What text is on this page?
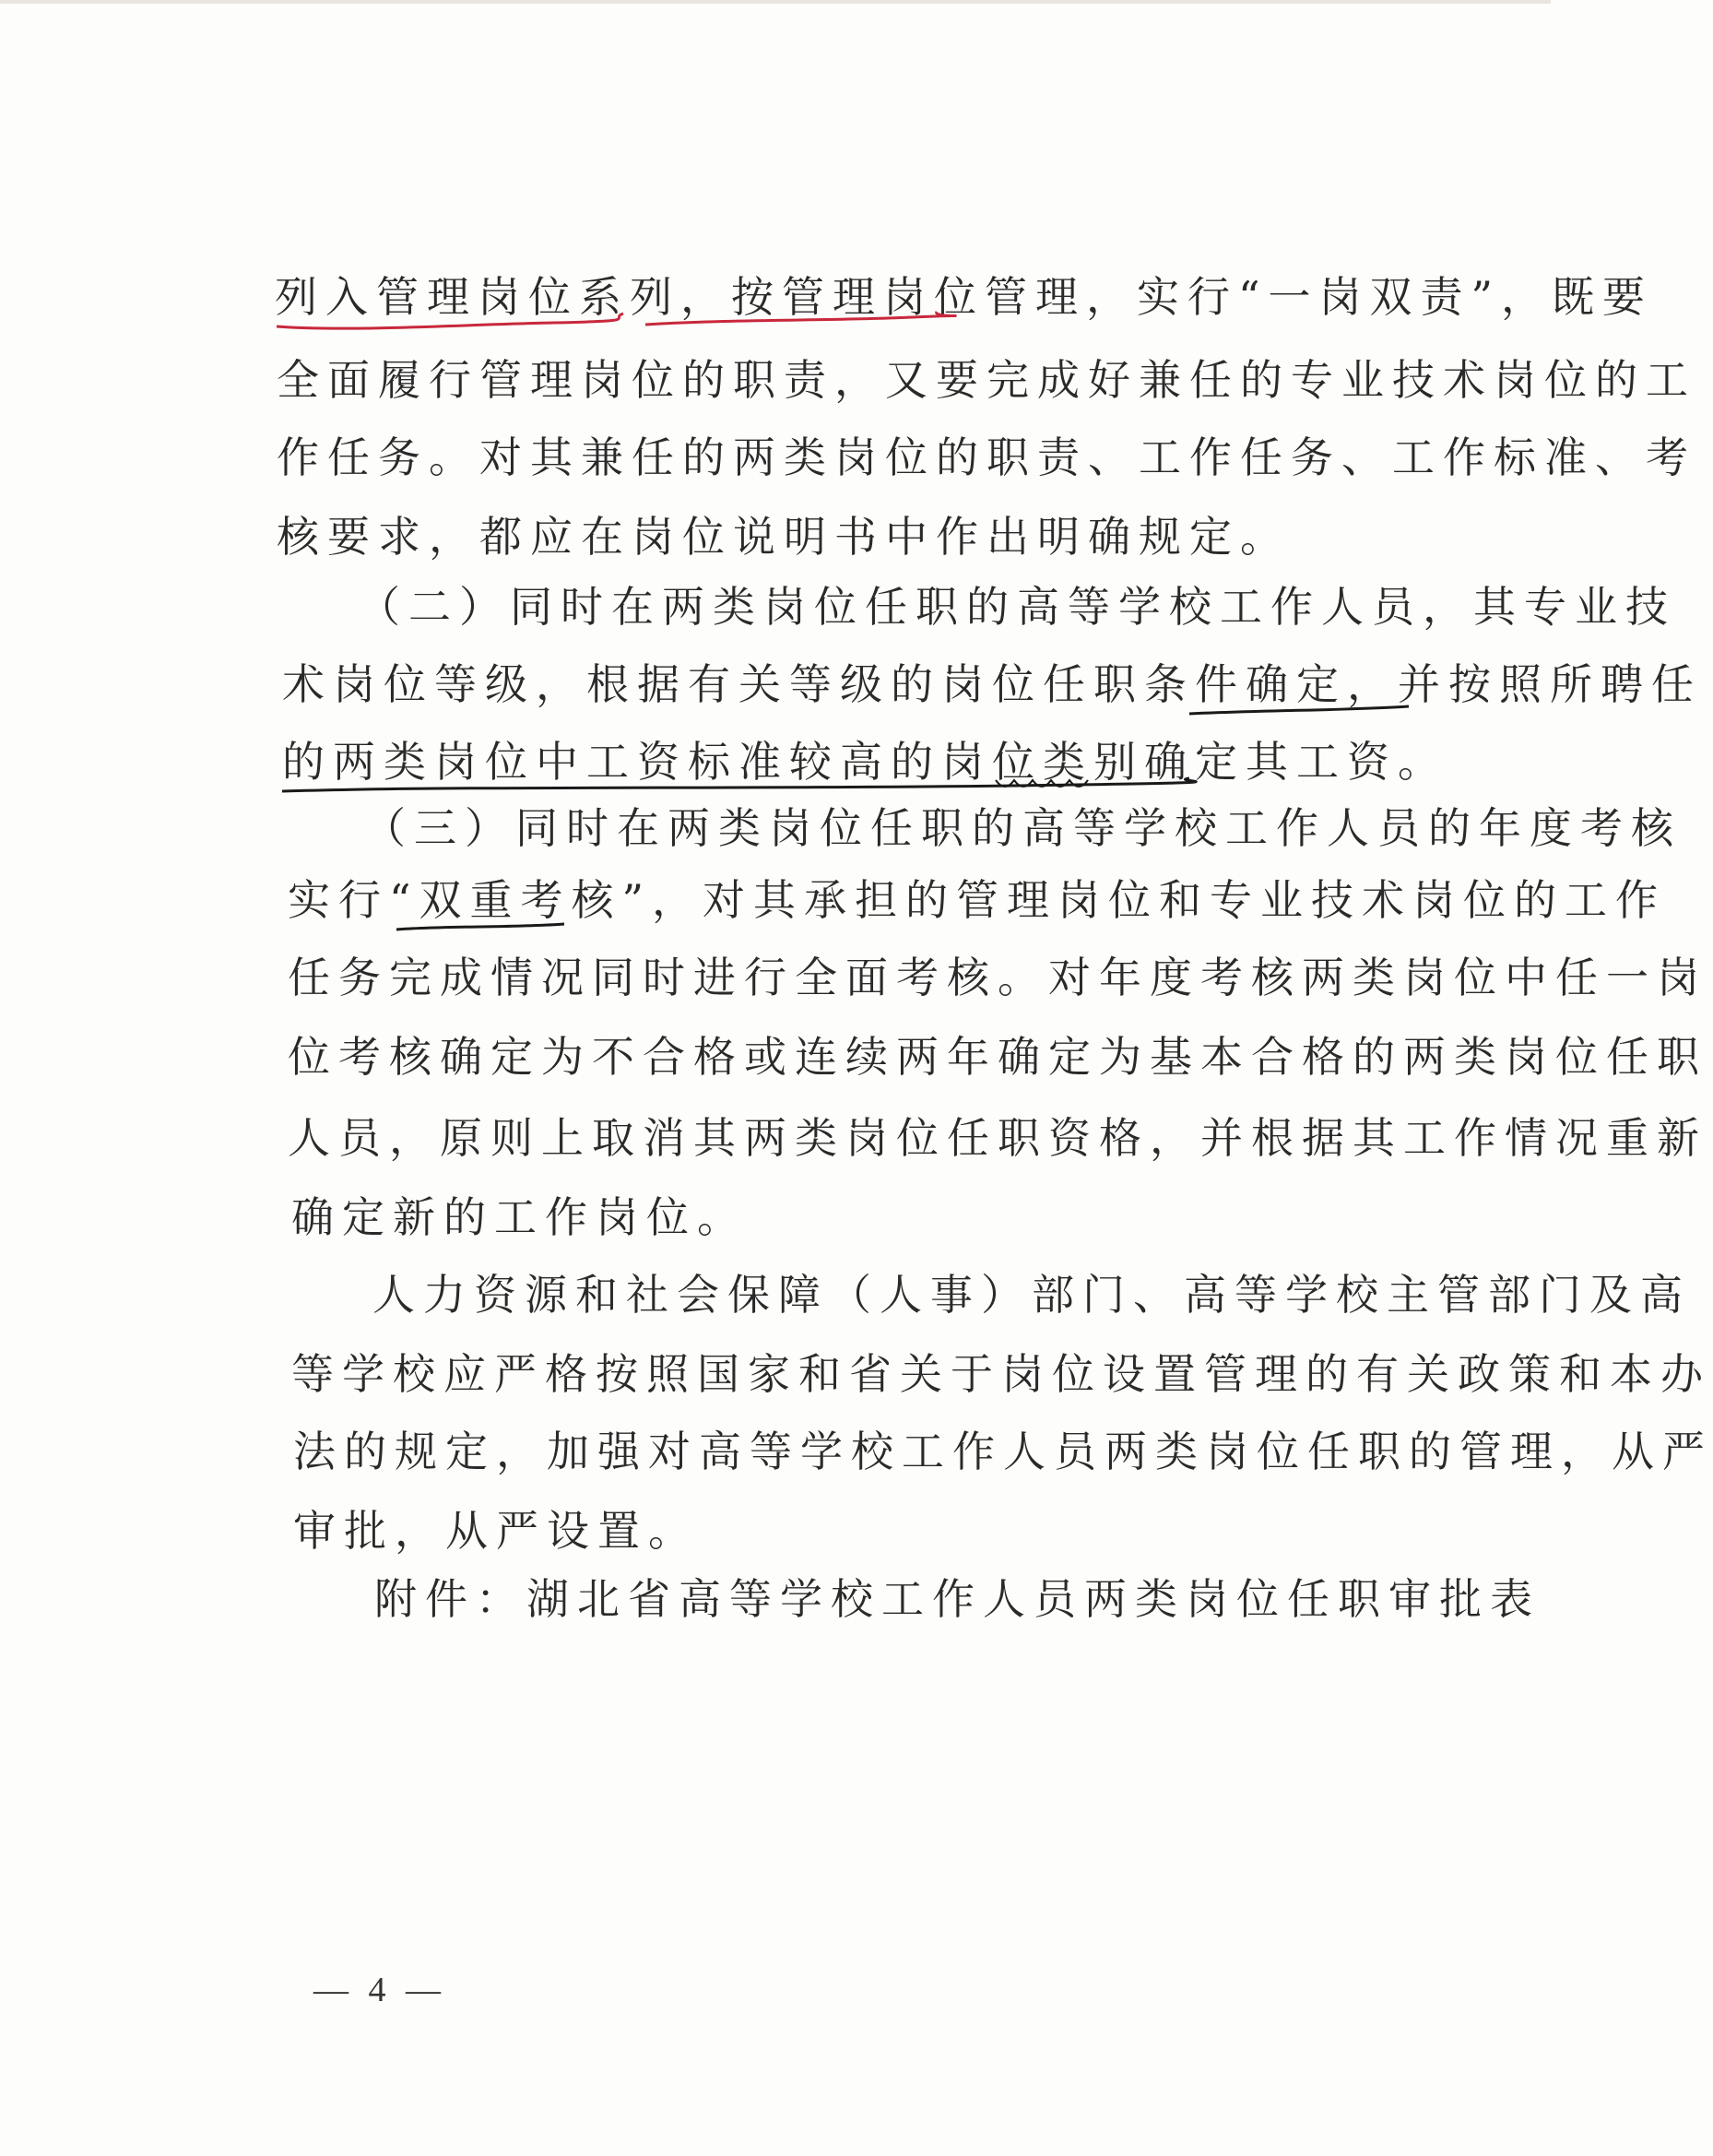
列入管理岗位系列，按管理岗位管理，实行“一岗双责”，既要
全面履行管理岗位的职责，又要完成好兼任的专业技术岗位的工
作任务。对其兼任的两类岗位的职责、工作任务、工作标准、考
核要求，都应在岗位说明书中作出明确规定。
（二）同时在两类岗位任职的高等学校工作人员，其专业技
术岗位等级，根据有关等级的岗位任职条件确定，并按照所聘任
的两类岗位中工资标准较高的岗位类别确定其工资。
（三）同时在两类岗位任职的高等学校工作人员的年度考核
实行“双重考核”，对其承担的管理岗位和专业技术岗位的工作
任务完成情况同时进行全面考核。对年度考核两类岗位中任一岗
位考核确定为不合格或连续两年确定为基本合格的两类岗位任职
人员，原则上取消其两类岗位任职资格，并根据其工作情况重新
确定新的工作岗位。
人力资源和社会保障（人事）部门、高等学校主管部门及高
等学校应严格按照国家和省关于岗位设置管理的有关政策和本办
法的规定，加强对高等学校工作人员两类岗位任职的管理，从严
审批，从严设置。
附件：湖北省高等学校工作人员两类岗位任职审批表
— 4 —
